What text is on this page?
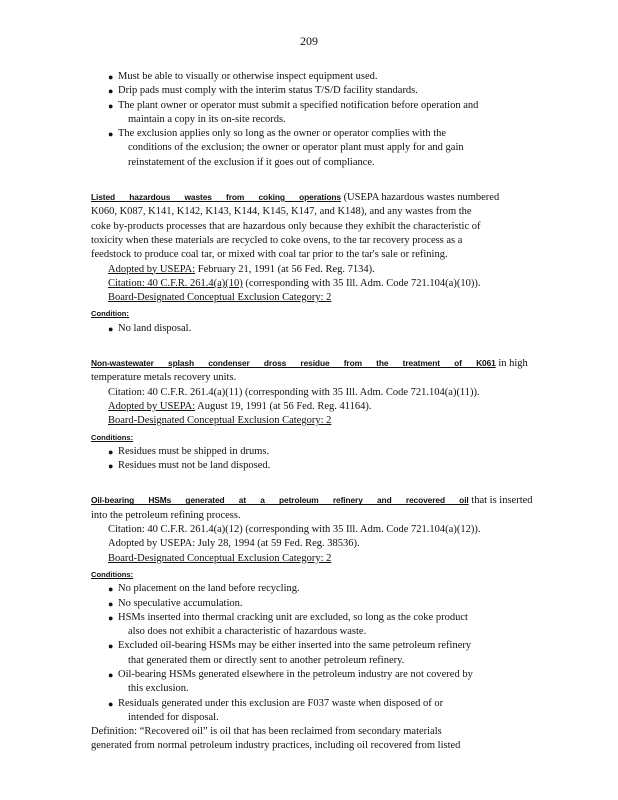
209
● Must be able to visually or otherwise inspect equipment used.
● Drip pads must comply with the interim status T/S/D facility standards.
● The plant owner or operator must submit a specified notification before operation and
maintain a copy in its on-site records.
● The exclusion applies only so long as the owner or operator complies with the
conditions of the exclusion; the owner or operator plant must apply for and gain
reinstatement of the exclusion if it goes out of compliance.
Listed hazardous wastes from coking operations (USEPA hazardous wastes numbered
K060, K087, K141, K142, K143, K144, K145, K147, and K148), and any wastes from the
coke by-products processes that are hazardous only because they exhibit the characteristic of
toxicity when these materials are recycled to coke ovens, to the tar recovery process as a
feedstock to produce coal tar, or mixed with coal tar prior to the tar's sale or refining.
Adopted by USEPA: February 21, 1991 (at 56 Fed. Reg. 7134).
Citation: 40 C.F.R. 261.4(a)(10) (corresponding with 35 Ill. Adm. Code 721.104(a)(10)).
Board-Designated Conceptual Exclusion Category: 2
Condition:
● No land disposal.
Non-wastewater splash condenser dross residue from the treatment of K061 in high
temperature metals recovery units.
Citation: 40 C.F.R. 261.4(a)(11) (corresponding with 35 Ill. Adm. Code 721.104(a)(11)).
Adopted by USEPA: August 19, 1991 (at 56 Fed. Reg. 41164).
Board-Designated Conceptual Exclusion Category: 2
Conditions:
● Residues must be shipped in drums.
● Residues must not be land disposed.
Oil-bearing HSMs generated at a petroleum refinery and recovered oil that is inserted
into the petroleum refining process.
Citation: 40 C.F.R. 261.4(a)(12) (corresponding with 35 Ill. Adm. Code 721.104(a)(12)).
Adopted by USEPA: July 28, 1994 (at 59 Fed. Reg. 38536).
Board-Designated Conceptual Exclusion Category: 2
Conditions:
● No placement on the land before recycling.
● No speculative accumulation.
● HSMs inserted into thermal cracking unit are excluded, so long as the coke product
also does not exhibit a characteristic of hazardous waste.
● Excluded oil-bearing HSMs may be either inserted into the same petroleum refinery
that generated them or directly sent to another petroleum refinery.
● Oil-bearing HSMs generated elsewhere in the petroleum industry are not covered by
this exclusion.
● Residuals generated under this exclusion are F037 waste when disposed of or
intended for disposal.
Definition: “Recovered oil” is oil that has been reclaimed from secondary materials
generated from normal petroleum industry practices, including oil recovered from listed
